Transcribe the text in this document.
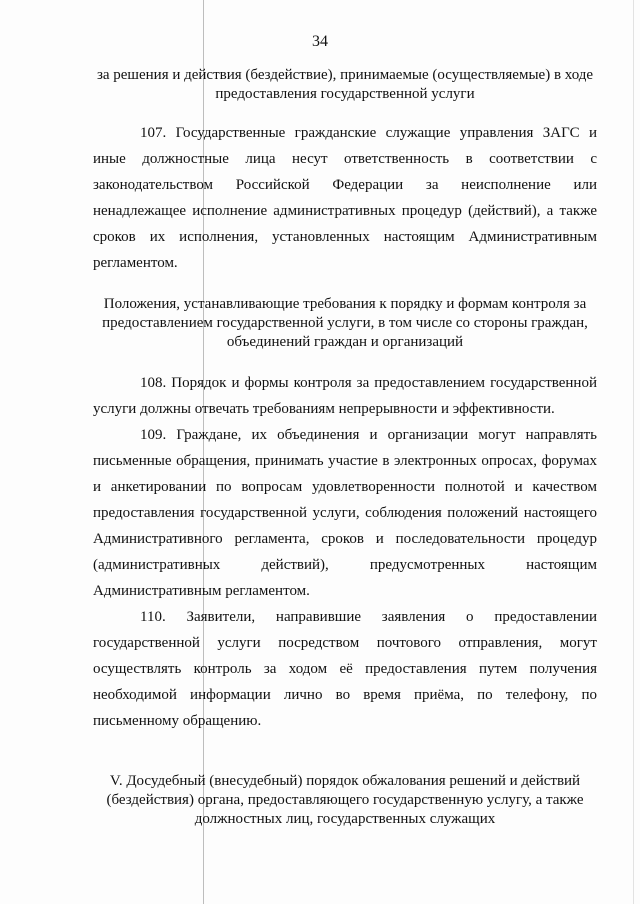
34

за решения и действия (бездействие), принимаемые (осуществляемые) в ходе предоставления государственной услуги

107. Государственные гражданские служащие управления ЗАГС и иные должностные лица несут ответственность в соответствии с законодательством Российской Федерации за неисполнение или ненадлежащее исполнение административных процедур (действий), а также сроков их исполнения, установленных настоящим Административным регламентом.

Положения, устанавливающие требования к порядку и формам контроля за предоставлением государственной услуги, в том числе со стороны граждан, объединений граждан и организаций

108. Порядок и формы контроля за предоставлением государственной услуги должны отвечать требованиям непрерывности и эффективности.

109. Граждане, их объединения и организации могут направлять письменные обращения, принимать участие в электронных опросах, форумах и анкетировании по вопросам удовлетворенности полнотой и качеством предоставления государственной услуги, соблюдения положений настоящего Административного регламента, сроков и последовательности процедур (административных действий), предусмотренных настоящим Административным регламентом.

110. Заявители, направившие заявления о предоставлении государственной услуги посредством почтового отправления, могут осуществлять контроль за ходом её предоставления путем получения необходимой информации лично во время приёма, по телефону, по письменному обращению.

V. Досудебный (внесудебный) порядок обжалования решений и действий (бездействия) органа, предоставляющего государственную услугу, а также должностных лиц, государственных служащих
